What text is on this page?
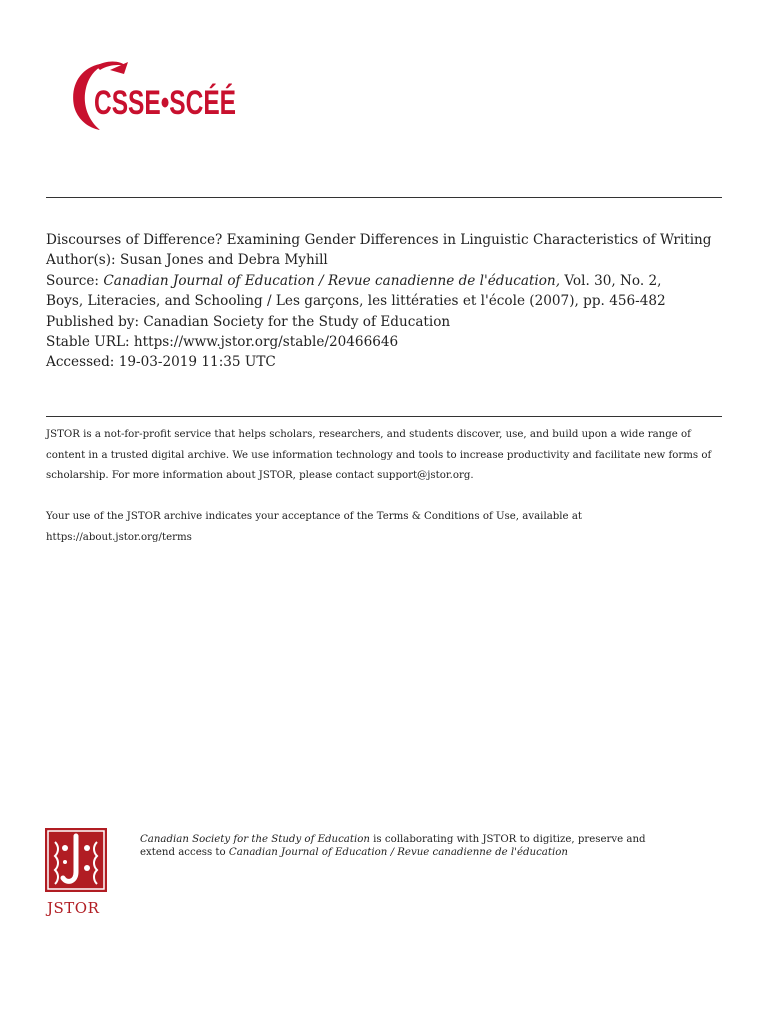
CSSE•SCÉÉ
Discourses of Difference? Examining Gender Differences in Linguistic Characteristics of Writing
Author(s): Susan Jones and Debra Myhill
Source: Canadian Journal of Education / Revue canadienne de l'éducation, Vol. 30, No. 2,
Boys, Literacies, and Schooling / Les garçons, les littératies et l'école (2007), pp. 456-482
Published by: Canadian Society for the Study of Education
Stable URL: https://www.jstor.org/stable/20466646
Accessed: 19-03-2019 11:35 UTC

JSTOR is a not-for-profit service that helps scholars, researchers, and students discover, use, and build upon a wide range of content in a trusted digital archive. We use information technology and tools to increase productivity and facilitate new forms of scholarship. For more information about JSTOR, please contact support@jstor.org.

Your use of the JSTOR archive indicates your acceptance of the Terms & Conditions of Use, available at https://about.jstor.org/terms

JSTOR
Canadian Society for the Study of Education is collaborating with JSTOR to digitize, preserve and extend access to Canadian Journal of Education / Revue canadienne de l'éducation
